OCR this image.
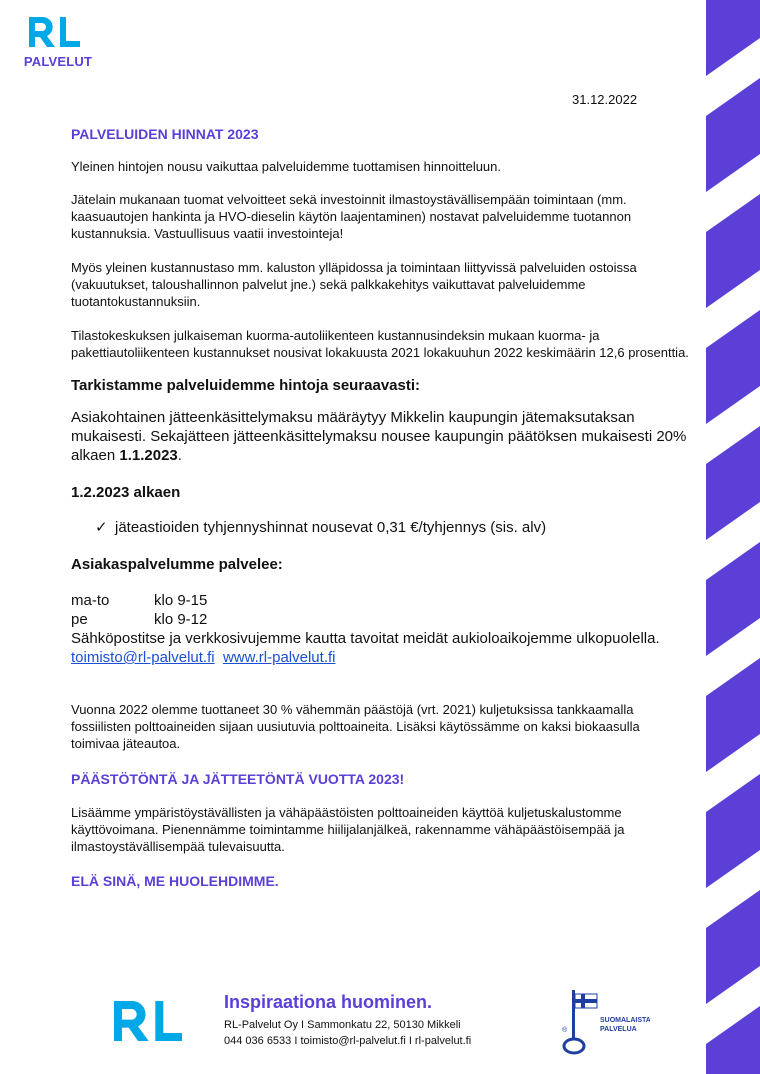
PALVELUT
31.12.2022

PALVELUIDEN HINNAT 2023

Yleinen hintojen nousu vaikuttaa palveluidemme tuottamisen hinnoitteluun.

Jätelain mukanaan tuomat velvoitteet sekä investoinnit ilmastoystävällisempään toimintaan (mm. kaasuautojen hankinta ja HVO-dieselin käytön laajentaminen) nostavat palveluidemme tuotannon kustannuksia. Vastuullisuus vaatii investointeja!

Myös yleinen kustannustaso mm. kaluston ylläpidossa ja toimintaan liittyvissä palveluiden ostoissa (vakuutukset, taloushallinnon palvelut jne.) sekä palkkakehitys vaikuttavat palveluidemme tuotantokustannuksiin.

Tilastokeskuksen julkaiseman kuorma-autoliikenteen kustannusindeksin mukaan kuorma- ja pakettiautoliikenteen kustannukset nousivat lokakuusta 2021 lokakuuhun 2022 keskimäärin 12,6 prosenttia.

Tarkistamme palveluidemme hintoja seuraavasti:

Asiakohtainen jätteenkäsittelymaksu määräytyy Mikkelin kaupungin jätemaksutaksan mukaisesti. Sekajätteen jätteenkäsittelymaksu nousee kaupungin päätöksen mukaisesti 20% alkaen 1.1.2023.

1.2.2023 alkaen

✓ jäteastioiden tyhjennyshinnat nousevat 0,31 €/tyhjennys (sis. alv)

Asiakaspalvelumme palvelee:

ma-to	klo 9-15
pe	klo 9-12
Sähköpostitse ja verkkosivujemme kautta tavoitat meidät aukioloaikojemme ulkopuolella.
toimisto@rl-palvelut.fi www.rl-palvelut.fi

Vuonna 2022 olemme tuottaneet 30 % vähemmän päästöjä (vrt. 2021) kuljetuksissa tankkaamalla fossiilisten polttoaineiden sijaan uusiutuvia polttoaineita. Lisäksi käytössämme on kaksi biokaasulla toimivaa jäteautoa.

PÄÄSTÖTÖNTÄ JA JÄTTEETÖNTÄ VUOTTA 2023!

Lisäämme ympäristöystävällisten ja vähäpäästöisten polttoaineiden käyttöä kuljetuskalustomme käyttövoimana. Pienennämme toimintamme hiilijalanjälkeä, rakennamme vähäpäästöisempää ja ilmastoystävällisempää tulevaisuutta.

ELÄ SINÄ, ME HUOLEHDIMME.

Inspiraationa huominen.
RL-Palvelut Oy I Sammonkatu 22, 50130 Mikkeli
044 036 6533 I toimisto@rl-palvelut.fi I rl-palvelut.fi
®
SUOMALAISTA
PALVELUA
